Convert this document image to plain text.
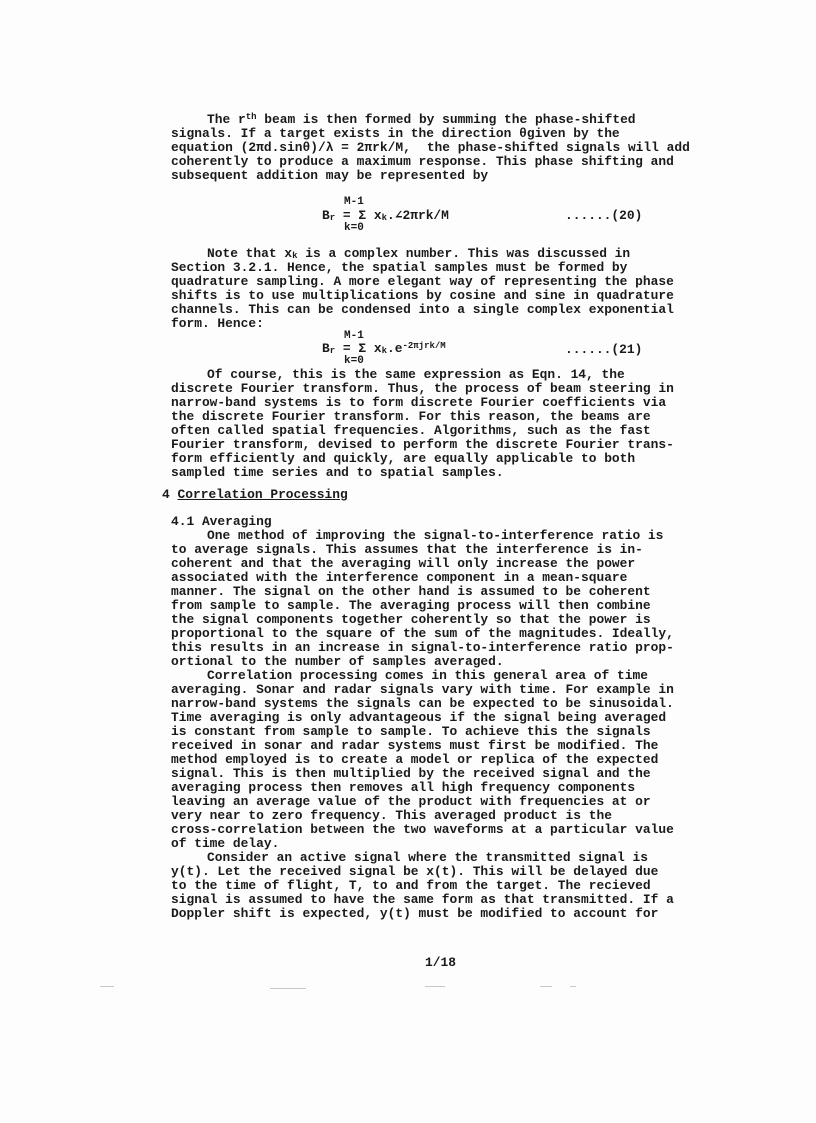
The $r^{th}$ beam is then formed by summing the phase-shifted
signals. If a target exists in the direction θgiven by the
equation (2πd.sinθ)/λ = 2πrk/M, the phase-shifted signals will add
coherently to produce a maximum response. This phase shifting and
subsequent addition may be represented by
M-1
Br = Σ xk.∠2πrk/M
k=0
......(20)
Note that xk is a complex number. This was discussed in
Section 3.2.1. Hence, the spatial samples must be formed by
quadrature sampling. A more elegant way of representing the phase
shifts is to use multiplications by cosine and sine in quadrature
channels. This can be condensed into a single complex exponential
form. Hence:
M-1
Br = Σ $xk.e^{-2\pi jrk/M}$
k=0
......(21)
Of course, this is the same expression as Eqn. 14, the
discrete Fourier transform. Thus, the process of beam steering in
narrow-band systems is to form discrete Fourier coefficients via
the discrete Fourier transform. For this reason, the beams are
often called spatial frequencies. Algorithms, such as the fast
Fourier transform, devised to perform the discrete Fourier trans-
form efficiently and quickly, are equally applicable to both
sampled time series and to spatial samples.
4 Correlation Processing
4.1 Averaging
One method of improving the signal-to-interference ratio is
to average signals. This assumes that the interference is in-
coherent and that the averaging will only increase the power
associated with the interference component in a mean-square
manner. The signal on the other hand is assumed to be coherent
from sample to sample. The averaging process will then combine
the signal components together coherently so that the power is
proportional to the square of the sum of the magnitudes. Ideally,
this results in an increase in signal-to-interference ratio prop-
ortional to the number of samples averaged.
Correlation processing comes in this general area of time
averaging. Sonar and radar signals vary with time. For example in
narrow-band systems the signals can be expected to be sinusoidal.
Time averaging is only advantageous if the signal being averaged
is constant from sample to sample. To achieve this the signals
received in sonar and radar systems must first be modified. The
method employed is to create a model or replica of the expected
signal. This is then multiplied by the received signal and the
averaging process then removes all high frequency components
leaving an average value of the product with frequencies at or
very near to zero frequency. This averaged product is the
cross-correlation between the two waveforms at a particular value
of time delay.
Consider an active signal where the transmitted signal is
y(t). Let the received signal be x(t). This will be delayed due
to the time of flight, T, to and from the target. The recieved
signal is assumed to have the same form as that transmitted. If a
Doppler shift is expected, y(t) must be modified to account for
1/18
